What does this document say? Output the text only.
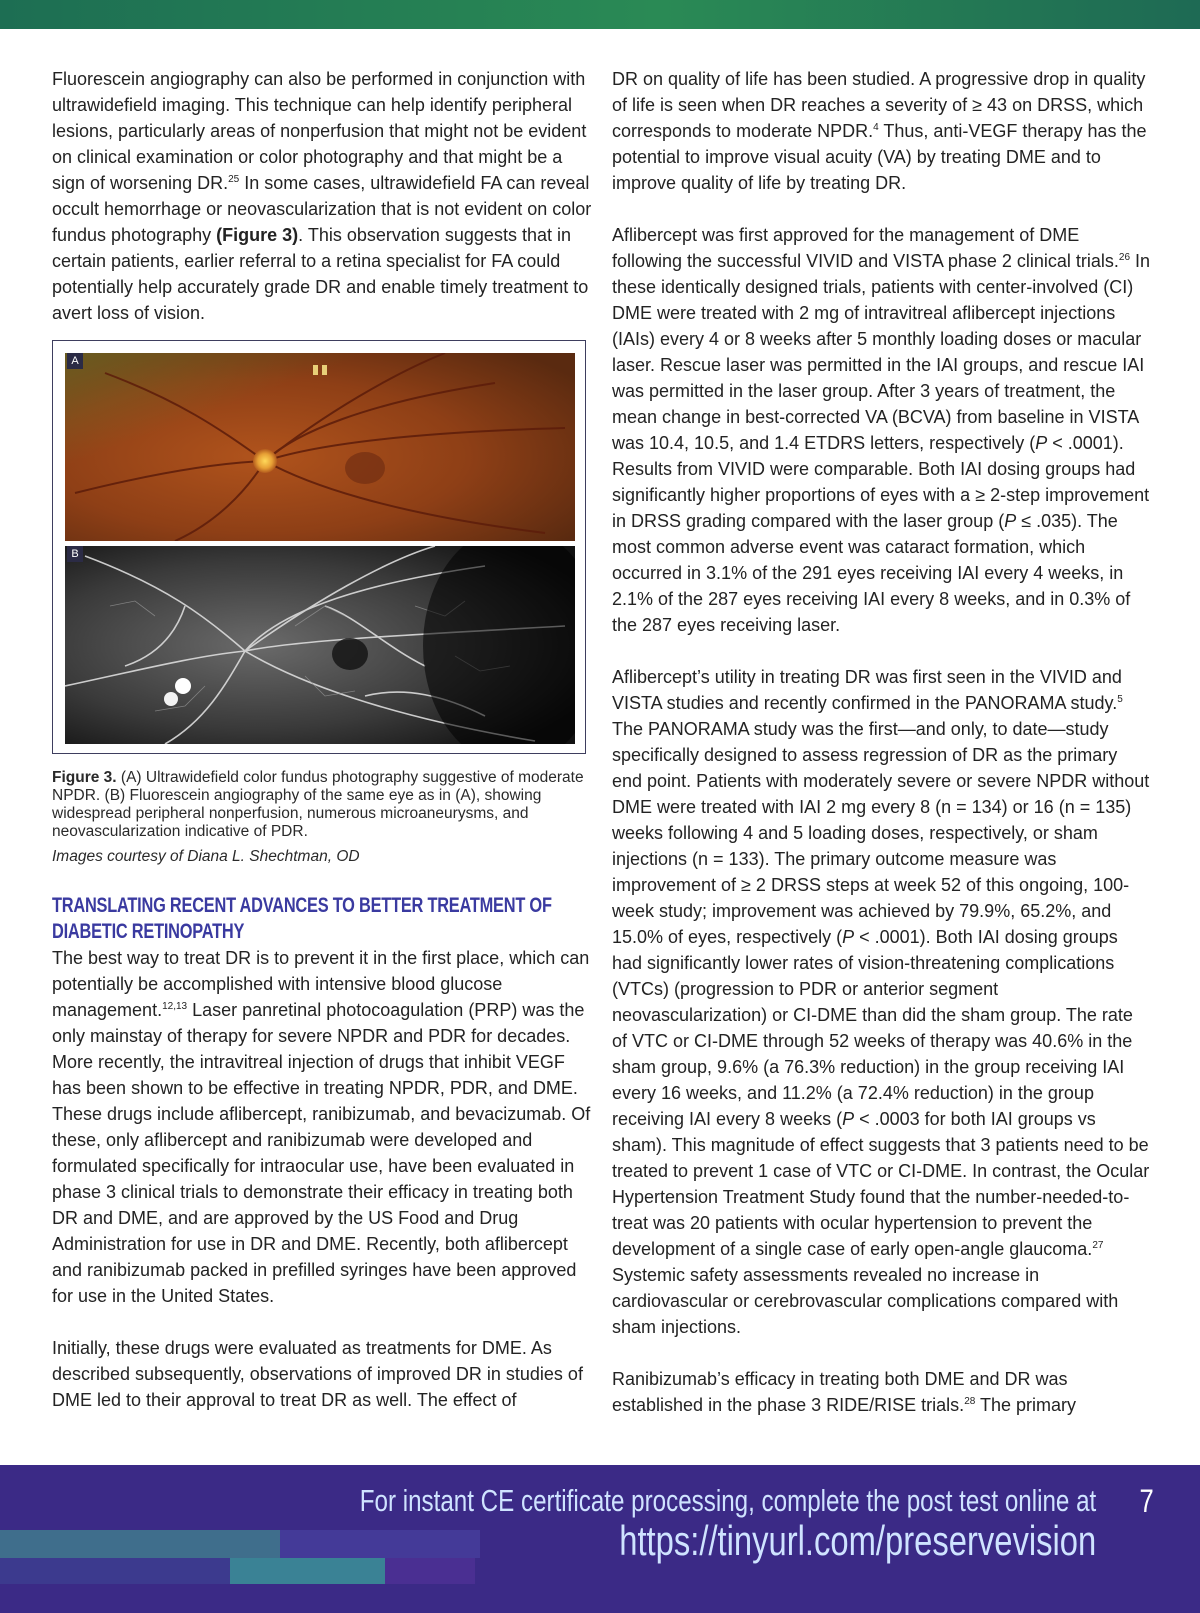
Fluorescein angiography can also be performed in conjunction with ultrawidefield imaging. This technique can help identify peripheral lesions, particularly areas of nonperfusion that might not be evident on clinical examination or color photography and that might be a sign of worsening DR.$^{25}$ In some cases, ultrawidefield FA can reveal occult hemorrhage or neovascularization that is not evident on color fundus photography (Figure 3). This observation suggests that in certain patients, earlier referral to a retina specialist for FA could potentially help accurately grade DR and enable timely treatment to avert loss of vision.

A
B
Figure 3. (A) Ultrawidefield color fundus photography suggestive of moderate NPDR. (B) Fluorescein angiography of the same eye as in (A), showing widespread peripheral nonperfusion, numerous microaneurysms, and neovascularization indicative of PDR.
Images courtesy of Diana L. Shechtman, OD
TRANSLATING RECENT ADVANCES TO BETTER TREATMENT OF DIABETIC RETINOPATHY

The best way to treat DR is to prevent it in the first place, which can potentially be accomplished with intensive blood glucose management.$^{12,13}$ Laser panretinal photocoagulation (PRP) was the only mainstay of therapy for severe NPDR and PDR for decades. More recently, the intravitreal injection of drugs that inhibit VEGF has been shown to be effective in treating NPDR, PDR, and DME. These drugs include aflibercept, ranibizumab, and bevacizumab. Of these, only aflibercept and ranibizumab were developed and formulated specifically for intraocular use, have been evaluated in phase 3 clinical trials to demonstrate their efficacy in treating both DR and DME, and are approved by the US Food and Drug Administration for use in DR and DME. Recently, both aflibercept and ranibizumab packed in prefilled syringes have been approved for use in the United States.

Initially, these drugs were evaluated as treatments for DME. As described subsequently, observations of improved DR in studies of DME led to their approval to treat DR as well. The effect of

DR on quality of life has been studied. A progressive drop in quality of life is seen when DR reaches a severity of ≥ 43 on DRSS, which corresponds to moderate NPDR.$^4$ Thus, anti-VEGF therapy has the potential to improve visual acuity (VA) by treating DME and to improve quality of life by treating DR.

Aflibercept was first approved for the management of DME following the successful VIVID and VISTA phase 2 clinical trials.$^{26}$ In these identically designed trials, patients with center-involved (CI) DME were treated with 2 mg of intravitreal aflibercept injections (IAIs) every 4 or 8 weeks after 5 monthly loading doses or macular laser. Rescue laser was permitted in the IAI groups, and rescue IAI was permitted in the laser group. After 3 years of treatment, the mean change in best-corrected VA (BCVA) from baseline in VISTA was 10.4, 10.5, and 1.4 ETDRS letters, respectively (P < .0001). Results from VIVID were comparable. Both IAI dosing groups had significantly higher proportions of eyes with a ≥ 2-step improvement in DRSS grading compared with the laser group (P ≤ .035). The most common adverse event was cataract formation, which occurred in 3.1% of the 291 eyes receiving IAI every 4 weeks, in 2.1% of the 287 eyes receiving IAI every 8 weeks, and in 0.3% of the 287 eyes receiving laser.

Aflibercept’s utility in treating DR was first seen in the VIVID and VISTA studies and recently confirmed in the PANORAMA study.$^5$ The PANORAMA study was the first—and only, to date—study specifically designed to assess regression of DR as the primary end point. Patients with moderately severe or severe NPDR without DME were treated with IAI 2 mg every 8 (n = 134) or 16 (n = 135) weeks following 4 and 5 loading doses, respectively, or sham injections (n = 133). The primary outcome measure was improvement of ≥ 2 DRSS steps at week 52 of this ongoing, 100-week study; improvement was achieved by 79.9%, 65.2%, and 15.0% of eyes, respectively (P < .0001). Both IAI dosing groups had significantly lower rates of vision-threatening complications (VTCs) (progression to PDR or anterior segment neovascularization) or CI-DME than did the sham group. The rate of VTC or CI-DME through 52 weeks of therapy was 40.6% in the sham group, 9.6% (a 76.3% reduction) in the group receiving IAI every 16 weeks, and 11.2% (a 72.4% reduction) in the group receiving IAI every 8 weeks (P < .0003 for both IAI groups vs sham). This magnitude of effect suggests that 3 patients need to be treated to prevent 1 case of VTC or CI-DME. In contrast, the Ocular Hypertension Treatment Study found that the number-needed-to-treat was 20 patients with ocular hypertension to prevent the development of a single case of early open-angle glaucoma.$^{27}$ Systemic safety assessments revealed no increase in cardiovascular or cerebrovascular complications compared with sham injections.

Ranibizumab’s efficacy in treating both DME and DR was established in the phase 3 RIDE/RISE trials.$^{28}$ The primary

For instant CE certificate processing, complete the post test online at
https://tinyurl.com/preservevision
7
